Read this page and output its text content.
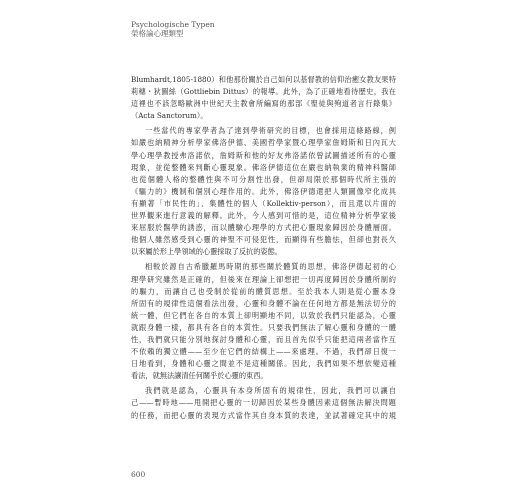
Psychologische Typen
榮格論心理類型
Blumhardt,1805-1880）和他那份關於自己如何以基督教的信仰治癒女教友果特
莉穗・狄圖絲（Gottliebin Dittus）的報導。此外，為了正確地看待歷史，我在
這裡也不該忽略歐洲中世紀天主教會所編寫的那部《聖徒與殉道者言行錄集》
（Acta Sanctorum）。
一些當代的專家學者為了達到學術研究的目標，也會採用這條路線，例
如嚴也納精神分析學家佛洛伊德、美國哲學家暨心理學家詹姆斯和日內瓦大
學心理學教授弗洛諾依，詹姆斯和他的好友弗洛諾依曾試圖描述所有的心靈
現象，並從整體來判斷心靈現象。佛洛伊德這位在嚴也納執業的精神科醫師
也從個體人格的整體性與不可分割性出發，但卻局限於那個時代所主張的
《驅力的》機制和個別心理作用的。此外，佛洛伊德還把人類圖像窄化成具
有顯著「市民性的」、集體性的個人（Kollektiv-person），而且還以片面的
世界觀來進行意義的解釋。此外，今人感到可惜的是，這位精神分析學家後
來屈服於醫學的誘惑，而以體驗心理學的方式把心靈現象歸因於身體層面。
他個人雖然感受到心靈的神聖不可侵犯性，而顯得有些膽怯，但卻也對長久
以來屬於形上學領域的心靈採取了反抗的姿態。
相較於源自古希臘羅馬時期的那些關於體質的思想，佛洛伊德起初的心
理學研究雖然是正確的，但後來在理論上卻想把一切再度歸因於身體所制約
的驅力，而讓自己也受制於從前的體質思想。至於我本人則是從心靈本身
所固有的規律性這個看法出發，心靈和身體不論在任何地方都是無法切分的
統一體，但它們在各自的本質上卻明顯地不同，以致於我們只能認為，心靈
就跟身體一樣，都具有各自的本質性。只要我們無法了解心靈和身體的一體
性，我們就只能分別地探討身體和心靈，而且首先似乎只能把這兩者當作互
不依賴的獨立體——至少在它們的結構上——來處理。不過，我們卻日復一
日地看到，身體和心靈之間並不是這種關係。因此，我們如果不想依變這種
看法，就無法讓清任何關乎於心靈的東西。
我們就是認為，心靈具有本身所固有的規律性，因此，我們可以讓自
己——暫時地——甩開把心靈的一切歸因於某些身體因素這個無法解決問題
的任務，而把心靈的表現方式當作其自身本質的表達，並試著確定其中的規
600
